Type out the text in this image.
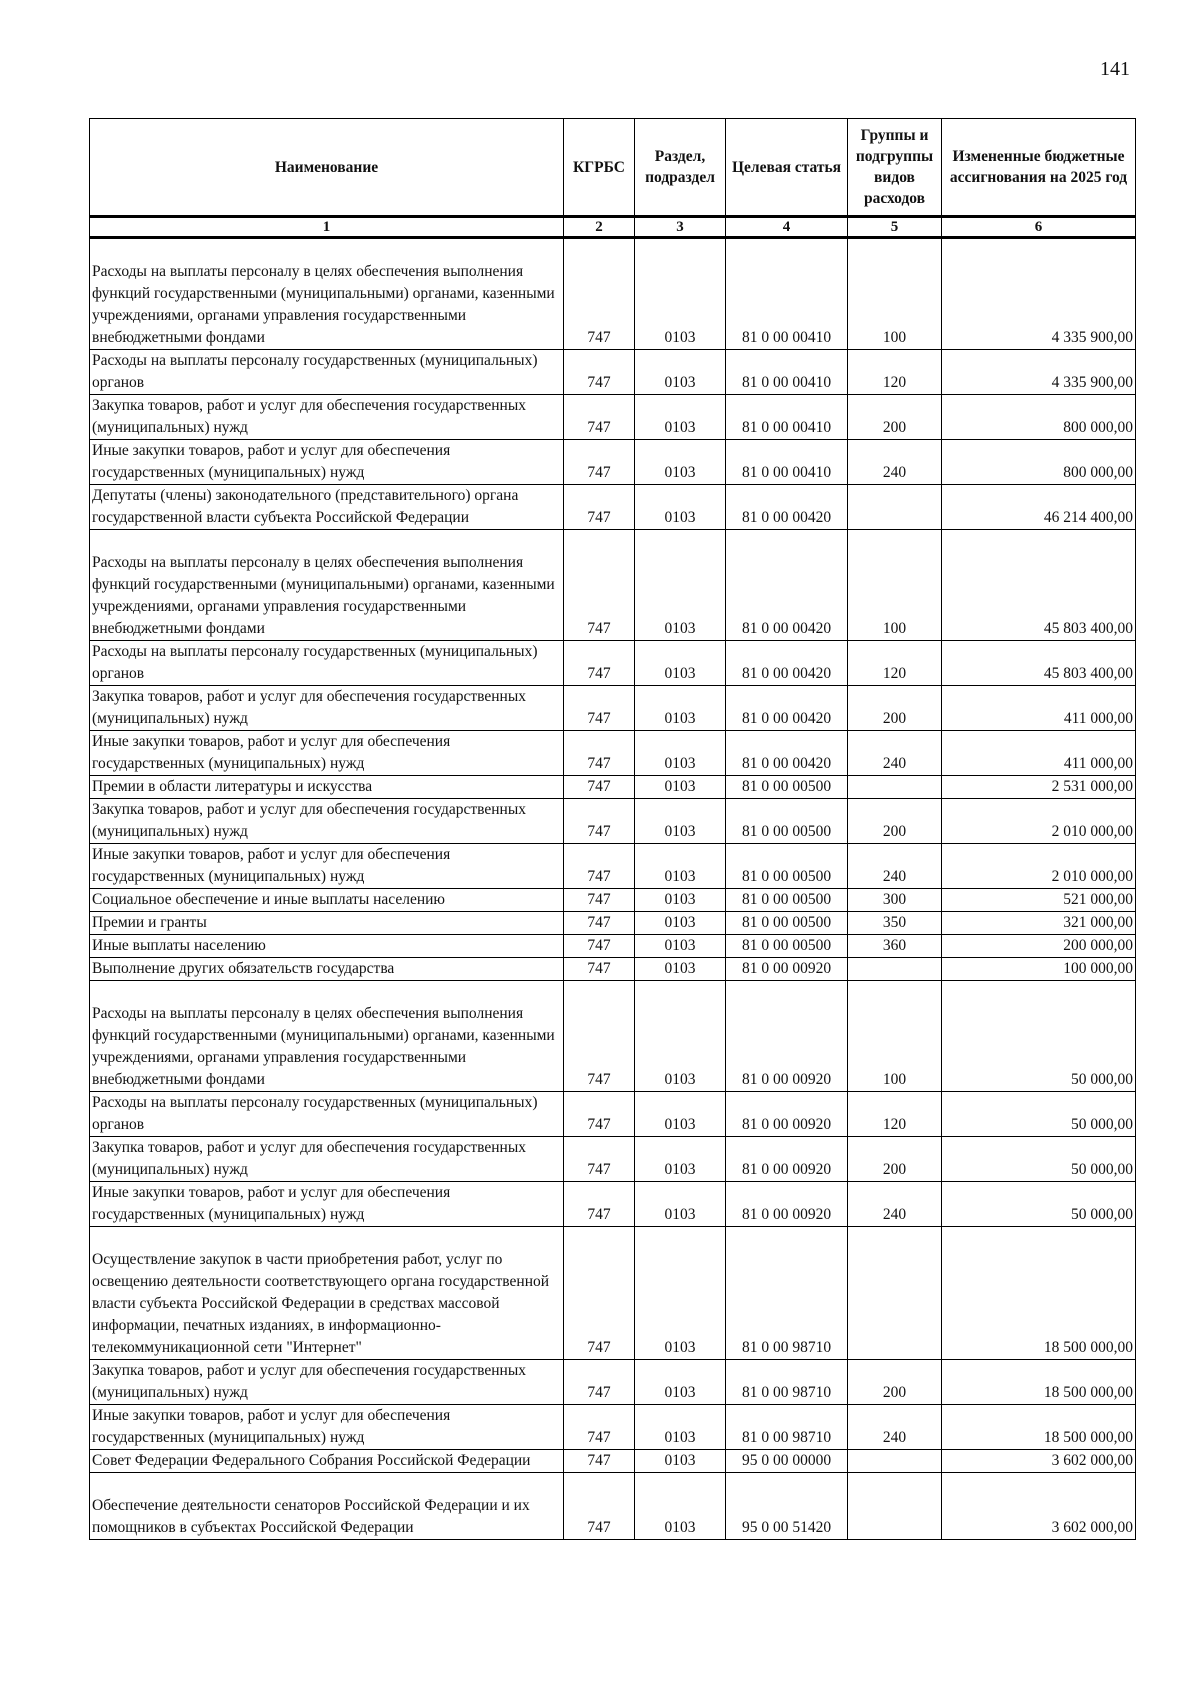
141
Наименование	КГРБС	Раздел, подраздел	Целевая статья	Группы и подгруппы видов расходов	Измененные бюджетные ассигнования на 2025 год
1	2	3	4	5	6
Расходы на выплаты персоналу в целях обеспечения выполнения функций государственными (муниципальными) органами, казенными учреждениями, органами управления государственными внебюджетными фондами	747	0103	81 0 00 00410	100	4 335 900,00
Расходы на выплаты персоналу государственных (муниципальных) органов	747	0103	81 0 00 00410	120	4 335 900,00
Закупка товаров, работ и услуг для обеспечения государственных (муниципальных) нужд	747	0103	81 0 00 00410	200	800 000,00
Иные закупки товаров, работ и услуг для обеспечения государственных (муниципальных) нужд	747	0103	81 0 00 00410	240	800 000,00
Депутаты (члены) законодательного (представительного) органа государственной власти субъекта Российской Федерации	747	0103	81 0 00 00420		46 214 400,00
Расходы на выплаты персоналу в целях обеспечения выполнения функций государственными (муниципальными) органами, казенными учреждениями, органами управления государственными внебюджетными фондами	747	0103	81 0 00 00420	100	45 803 400,00
Расходы на выплаты персоналу государственных (муниципальных) органов	747	0103	81 0 00 00420	120	45 803 400,00
Закупка товаров, работ и услуг для обеспечения государственных (муниципальных) нужд	747	0103	81 0 00 00420	200	411 000,00
Иные закупки товаров, работ и услуг для обеспечения государственных (муниципальных) нужд	747	0103	81 0 00 00420	240	411 000,00
Премии в области литературы и искусства	747	0103	81 0 00 00500		2 531 000,00
Закупка товаров, работ и услуг для обеспечения государственных (муниципальных) нужд	747	0103	81 0 00 00500	200	2 010 000,00
Иные закупки товаров, работ и услуг для обеспечения государственных (муниципальных) нужд	747	0103	81 0 00 00500	240	2 010 000,00
Социальное обеспечение и иные выплаты населению	747	0103	81 0 00 00500	300	521 000,00
Премии и гранты	747	0103	81 0 00 00500	350	321 000,00
Иные выплаты населению	747	0103	81 0 00 00500	360	200 000,00
Выполнение других обязательств государства	747	0103	81 0 00 00920		100 000,00
Расходы на выплаты персоналу в целях обеспечения выполнения функций государственными (муниципальными) органами, казенными учреждениями, органами управления государственными внебюджетными фондами	747	0103	81 0 00 00920	100	50 000,00
Расходы на выплаты персоналу государственных (муниципальных) органов	747	0103	81 0 00 00920	120	50 000,00
Закупка товаров, работ и услуг для обеспечения государственных (муниципальных) нужд	747	0103	81 0 00 00920	200	50 000,00
Иные закупки товаров, работ и услуг для обеспечения государственных (муниципальных) нужд	747	0103	81 0 00 00920	240	50 000,00
Осуществление закупок в части приобретения работ, услуг по освещению деятельности соответствующего органа государственной власти субъекта Российской Федерации в средствах массовой информации, печатных изданиях, в информационно-телекоммуникационной сети "Интернет"	747	0103	81 0 00 98710		18 500 000,00
Закупка товаров, работ и услуг для обеспечения государственных (муниципальных) нужд	747	0103	81 0 00 98710	200	18 500 000,00
Иные закупки товаров, работ и услуг для обеспечения государственных (муниципальных) нужд	747	0103	81 0 00 98710	240	18 500 000,00
Совет Федерации Федерального Собрания Российской Федерации	747	0103	95 0 00 00000		3 602 000,00
Обеспечение деятельности сенаторов Российской Федерации и их помощников в субъектах Российской Федерации	747	0103	95 0 00 51420		3 602 000,00
